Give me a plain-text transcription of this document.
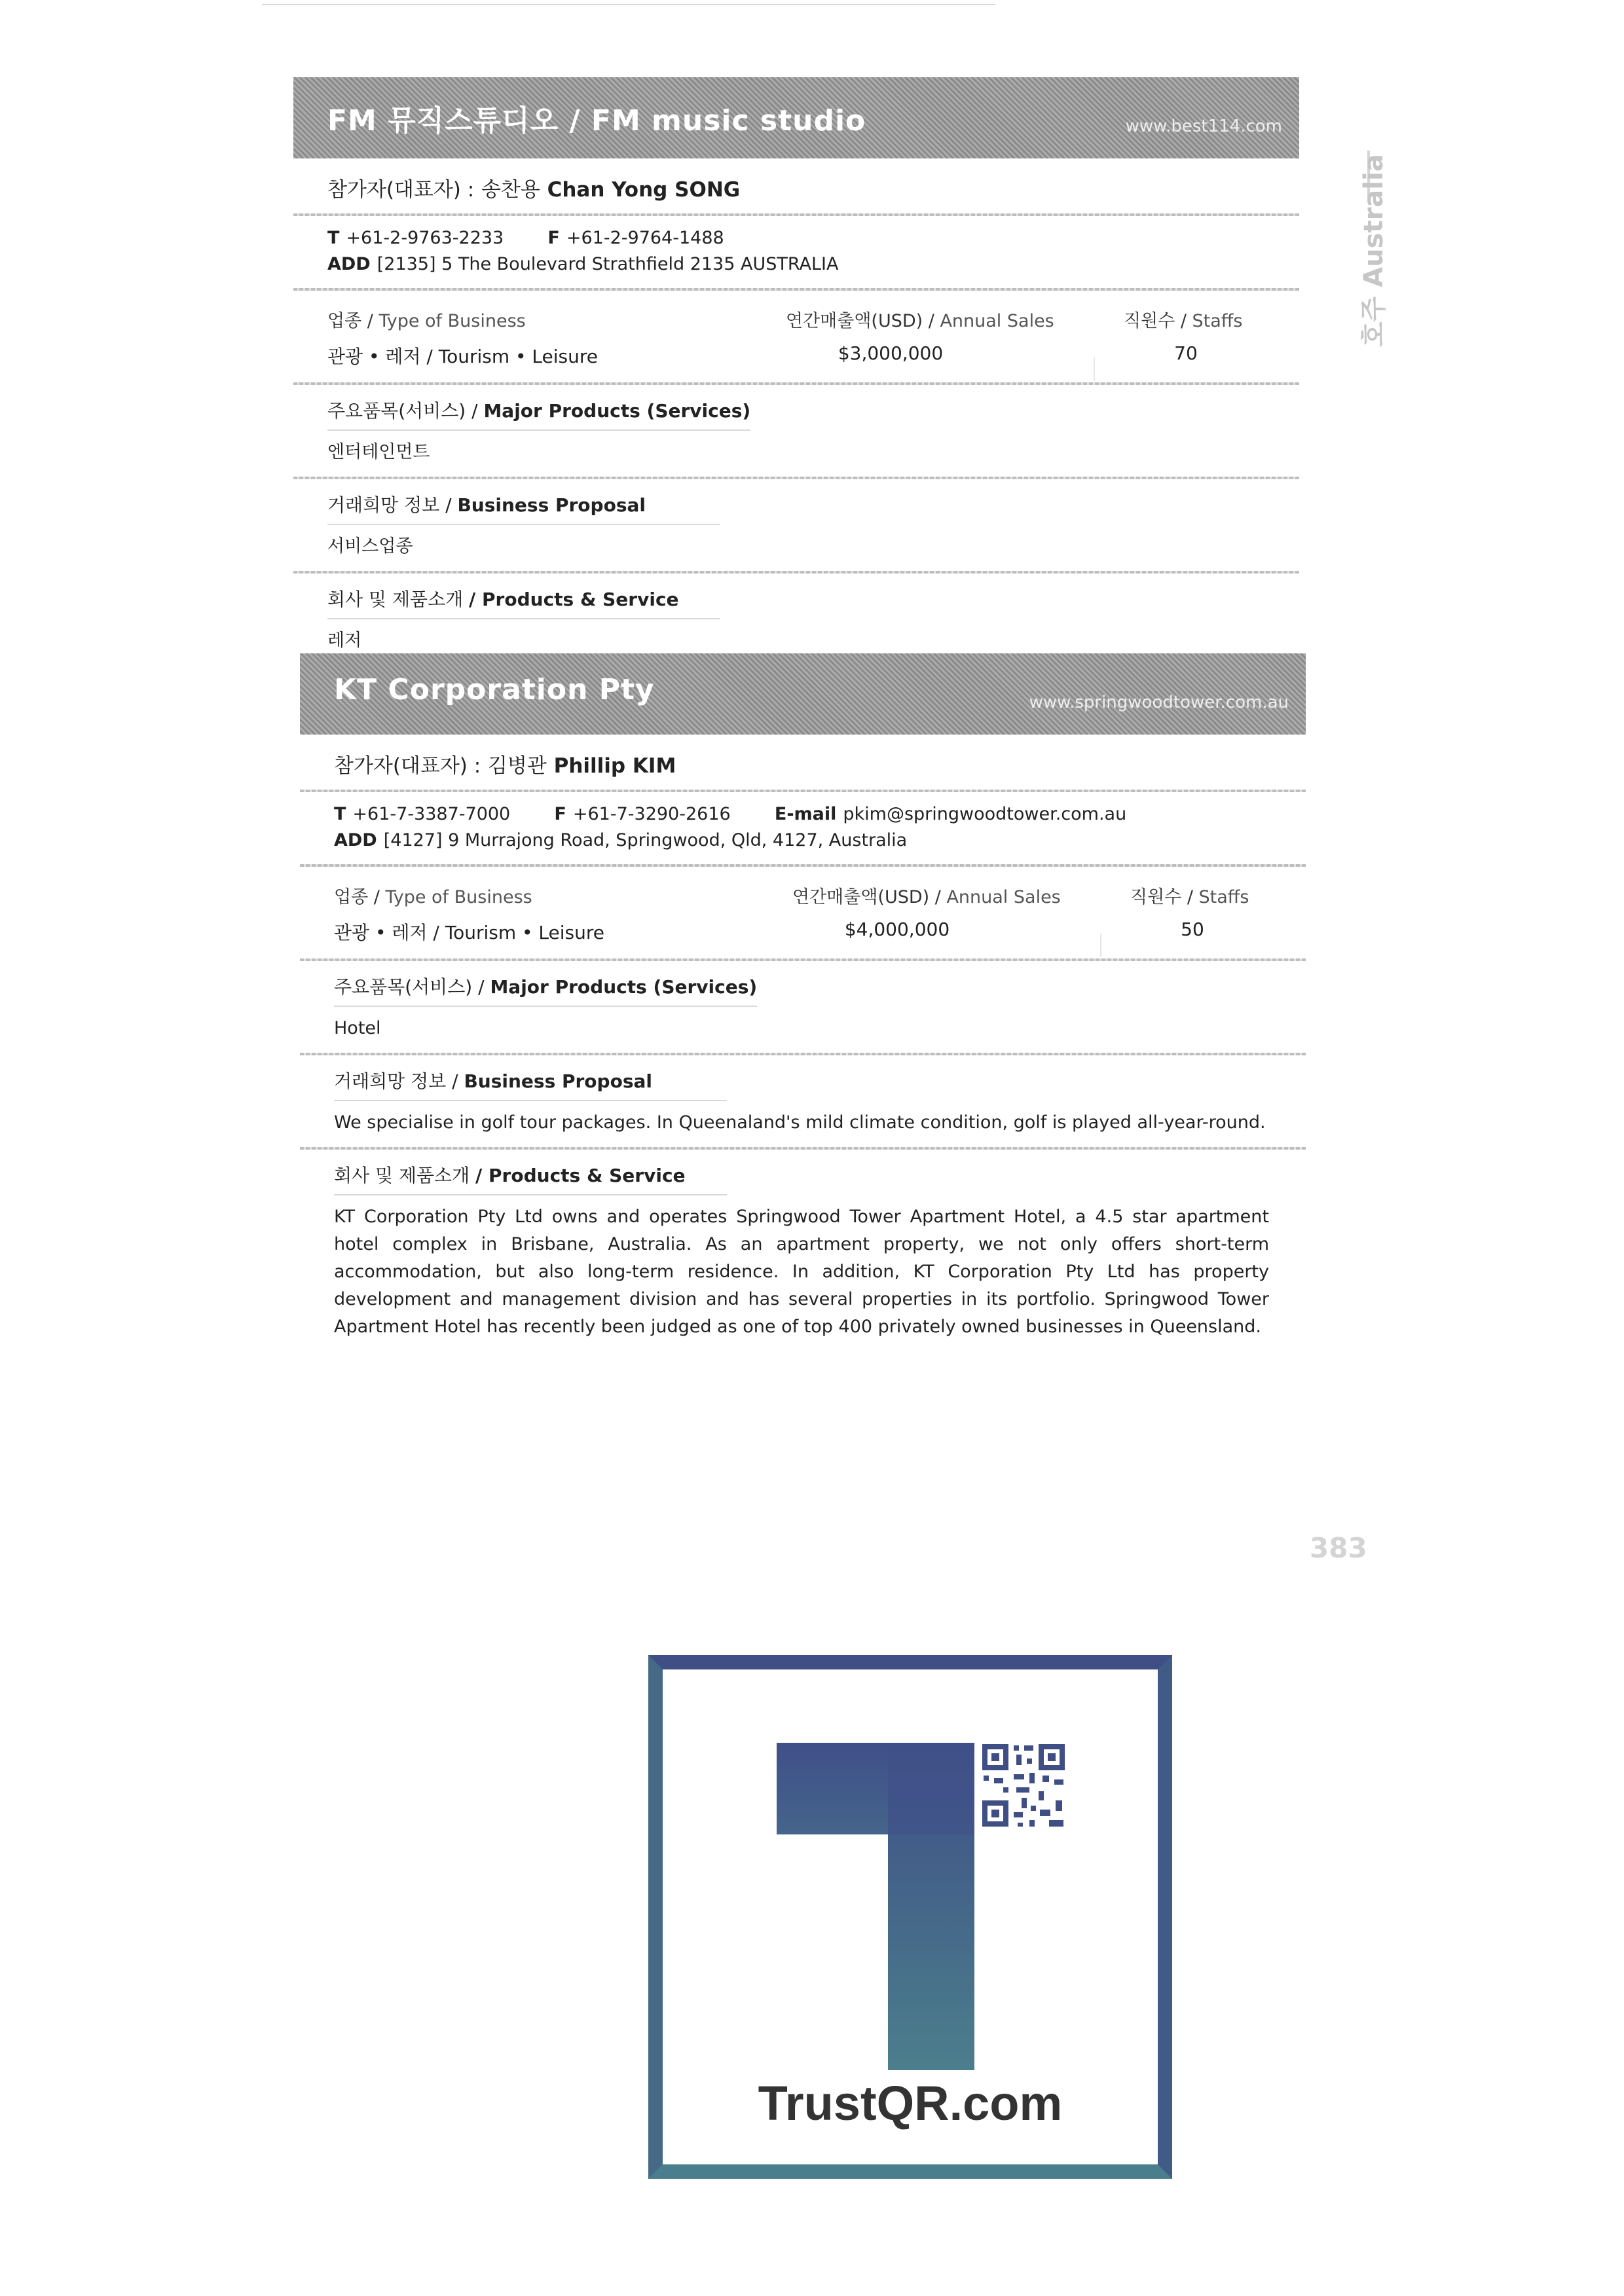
FM 뮤직스튜디오 / FM music studio	www.best114.com
참가자(대표자) : 송찬용 Chan Yong SONG
T +61-2-9763-2233 F +61-2-9764-1488
ADD [2135] 5 The Boulevard Strathfield 2135 AUSTRALIA
업종 / Type of Business
관광 • 레저 / Tourism • Leisure
연간매출액(USD) / Annual Sales
$3,000,000
직원수 / Staffs
70
주요품목(서비스) / Major Products (Services)
엔터테인먼트
거래희망 정보 / Business Proposal
서비스업종
회사 및 제품소개 / Products & Service
레저
KT Corporation Pty	www.springwoodtower.com.au
참가자(대표자) : 김병관 Phillip KIM
T +61-7-3387-7000 F +61-7-3290-2616 E-mail pkim@springwoodtower.com.au
ADD [4127] 9 Murrajong Road, Springwood, Qld, 4127, Australia
업종 / Type of Business
관광 • 레저 / Tourism • Leisure
연간매출액(USD) / Annual Sales
$4,000,000
직원수 / Staffs
50
주요품목(서비스) / Major Products (Services)
Hotel
거래희망 정보 / Business Proposal
We specialise in golf tour packages. In Queenaland's mild climate condition, golf is played all-year-round.
회사 및 제품소개 / Products & Service
KT Corporation Pty Ltd owns and operates Springwood Tower Apartment Hotel, a 4.5 star apartment hotel complex in Brisbane, Australia. As an apartment property, we not only offers short-term accommodation, but also long-term residence. In addition, KT Corporation Pty Ltd has property development and management division and has several properties in its portfolio. Springwood Tower Apartment Hotel has recently been judged as one of top 400 privately owned businesses in Queensland.
호주 Australia
383
TrustQR.com
